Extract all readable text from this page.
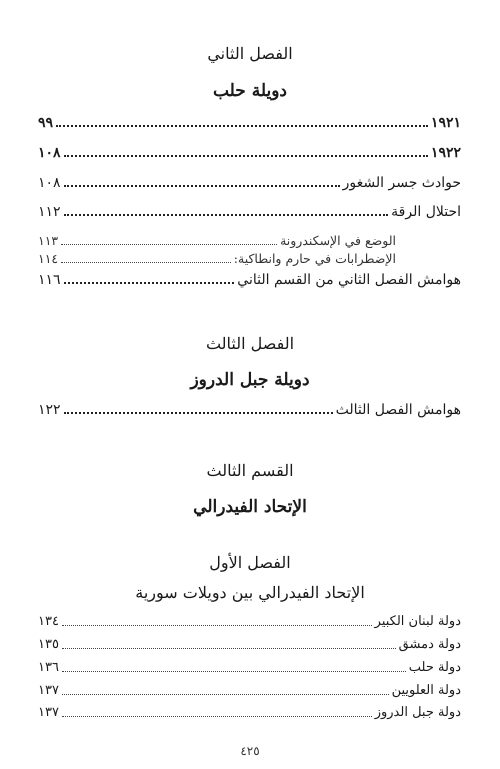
الفصل الثاني
دويلة حلب
١٩٢١
٩٩
١٩٢٢
١٠٨
حوادث جسر الشغور
١٠٨
احتلال الرقة
١١٢
الوضع في الإسكندرونة
١١٣
الإضطرابات في حارم وانطاكية:
١١٤
هوامش الفصل الثاني من القسم الثاني
١١٦
الفصل الثالث
دويلة جبل الدروز
هوامش الفصل الثالث
١٢٢
القسم الثالث
الإتحاد الفيدرالي
الفصل الأول
الإتحاد الفيدرالي بين دويلات سورية
دولة لبنان الكبير
١٣٤
دولة دمشق
١٣٥
دولة حلب
١٣٦
دولة العلويين
١٣٧
دولة جبل الدروز
١٣٧
٤٢٥
